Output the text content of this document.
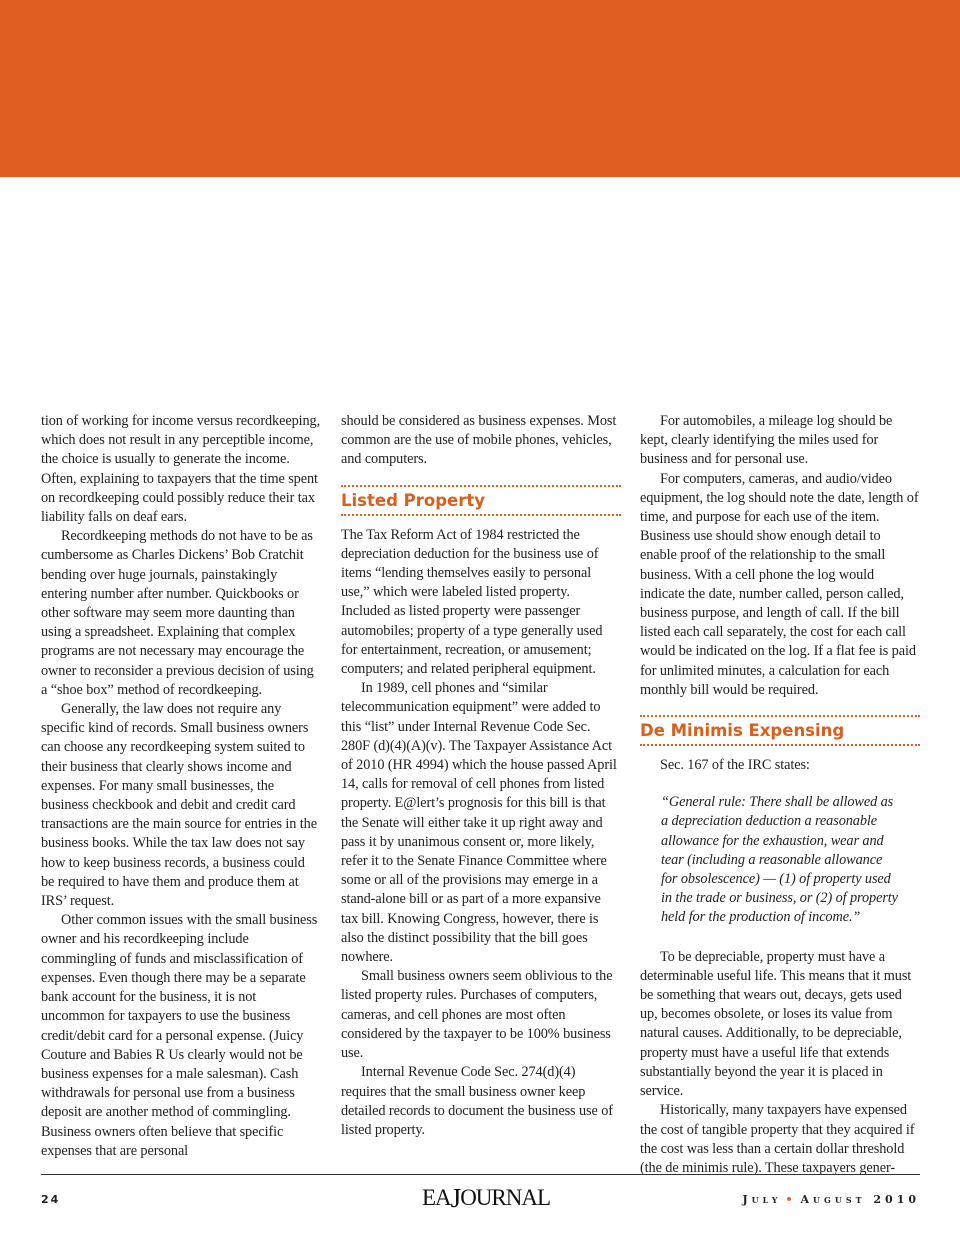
tion of working for income versus recordkeeping, which does not result in any perceptible income, the choice is usually to generate the income. Often, explaining to taxpayers that the time spent on recordkeeping could possibly reduce their tax liability falls on deaf ears.

Recordkeeping methods do not have to be as cumbersome as Charles Dickens’ Bob Cratchit bending over huge journals, painstakingly entering number after number. Quickbooks or other software may seem more daunting than using a spreadsheet. Explaining that complex programs are not necessary may encourage the owner to reconsider a previous decision of using a “shoe box” method of recordkeeping.

Generally, the law does not require any specific kind of records. Small business owners can choose any recordkeeping system suited to their business that clearly shows income and expenses. For many small businesses, the business checkbook and debit and credit card transactions are the main source for entries in the business books. While the tax law does not say how to keep business records, a business could be required to have them and produce them at IRS’ request.

Other common issues with the small business owner and his recordkeeping include commingling of funds and misclassification of expenses. Even though there may be a separate bank account for the business, it is not uncommon for taxpayers to use the business credit/debit card for a personal expense. (Juicy Couture and Babies R Us clearly would not be business expenses for a male salesman). Cash withdrawals for personal use from a business deposit are another method of commingling. Business owners often believe that specific expenses that are personal

should be considered as business expenses. Most common are the use of mobile phones, vehicles, and computers.

Listed Property

The Tax Reform Act of 1984 restricted the depreciation deduction for the business use of items “lending themselves easily to personal use,” which were labeled listed property. Included as listed property were passenger automobiles; property of a type generally used for entertainment, recreation, or amusement; computers; and related peripheral equipment.

In 1989, cell phones and “similar telecommunication equipment” were added to this “list” under Internal Revenue Code Sec. 280F (d)(4)(A)(v). The Taxpayer Assistance Act of 2010 (HR 4994) which the house passed April 14, calls for removal of cell phones from listed property. E@lert’s prognosis for this bill is that the Senate will either take it up right away and pass it by unanimous consent or, more likely, refer it to the Senate Finance Committee where some or all of the provisions may emerge in a stand-alone bill or as part of a more expansive tax bill. Knowing Congress, however, there is also the distinct possibility that the bill goes nowhere.

Small business owners seem oblivious to the listed property rules. Purchases of computers, cameras, and cell phones are most often considered by the taxpayer to be 100% business use.

Internal Revenue Code Sec. 274(d)(4) requires that the small business owner keep detailed records to document the business use of listed property.

For automobiles, a mileage log should be kept, clearly identifying the miles used for business and for personal use.

For computers, cameras, and audio/video equipment, the log should note the date, length of time, and purpose for each use of the item. Business use should show enough detail to enable proof of the relationship to the small business. With a cell phone the log would indicate the date, number called, person called, business purpose, and length of call. If the bill listed each call separately, the cost for each call would be indicated on the log. If a flat fee is paid for unlimited minutes, a calculation for each monthly bill would be required.

De Minimis Expensing

Sec. 167 of the IRC states:

“General rule: There shall be allowed as a depreciation deduction a reasonable allowance for the exhaustion, wear and tear (including a reasonable allowance for obsolescence) — (1) of property used in the trade or business, or (2) of property held for the production of income.”

To be depreciable, property must have a determinable useful life. This means that it must be something that wears out, decays, gets used up, becomes obsolete, or loses its value from natural causes. Additionally, to be depreciable, property must have a useful life that extends substantially beyond the year it is placed in service.

Historically, many taxpayers have expensed the cost of tangible property that they acquired if the cost was less than a certain dollar threshold (the de minimis rule). These taxpayers gener-

24	EAJOURNAL	July • August 2010
